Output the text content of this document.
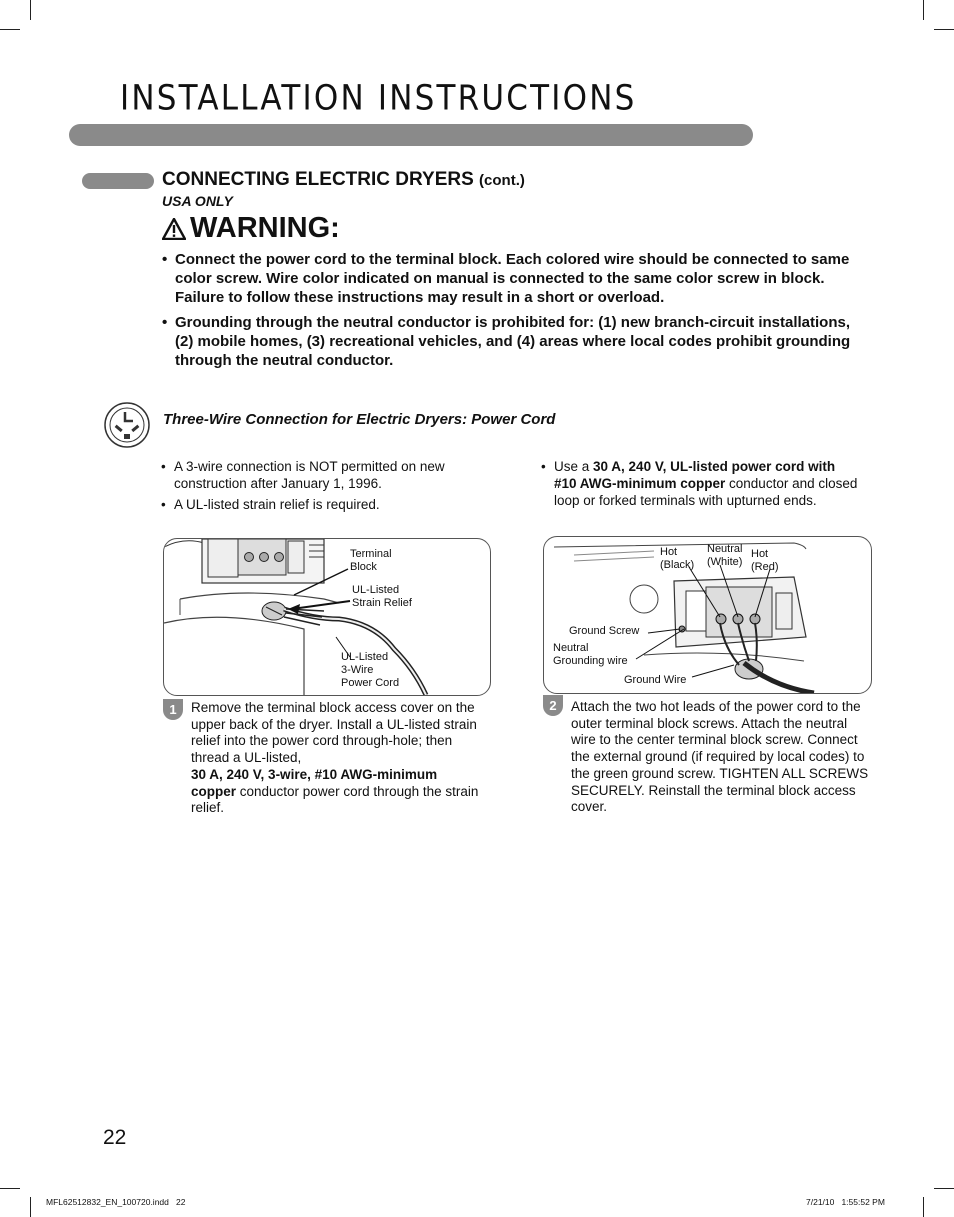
INSTALLATION INSTRUCTIONS
CONNECTING ELECTRIC DRYERS (cont.)
USA ONLY
WARNING:
• Connect the power cord to the terminal block. Each colored wire should be connected to same color screw. Wire color indicated on manual is connected to the same color screw in block. Failure to follow these instructions may result in a short or overload.
• Grounding through the neutral conductor is prohibited for: (1) new branch-circuit installations, (2) mobile homes, (3) recreational vehicles, and (4) areas where local codes prohibit grounding through the neutral conductor.
Three-Wire Connection for Electric Dryers: Power Cord
• A 3-wire connection is NOT permitted on new construction after January 1, 1996.
• A UL-listed strain relief is required.
• Use a 30 A, 240 V, UL-listed power cord with #10 AWG-minimum copper conductor and closed loop or forked terminals with upturned ends.
Terminal
Block
UL-Listed
Strain Relief
UL-Listed
3-Wire
Power Cord
Hot
(Black)
Neutral
(White)
Hot
(Red)
Ground Screw
Neutral
Grounding wire
Ground Wire
1	Remove the terminal block access cover on the upper back of the dryer. Install a UL-listed strain relief into the power cord through-hole; then thread a UL-listed,
30 A, 240 V, 3-wire, #10 AWG-minimum copper conductor power cord through the strain relief.
2	Attach the two hot leads of the power cord to the outer terminal block screws. Attach the neutral wire to the center terminal block screw. Connect the external ground (if required by local codes) to the green ground screw. TIGHTEN ALL SCREWS SECURELY. Reinstall the terminal block access cover.
22
MFL62512832_EN_100720.indd   22	7/21/10   1:55:52 PM
